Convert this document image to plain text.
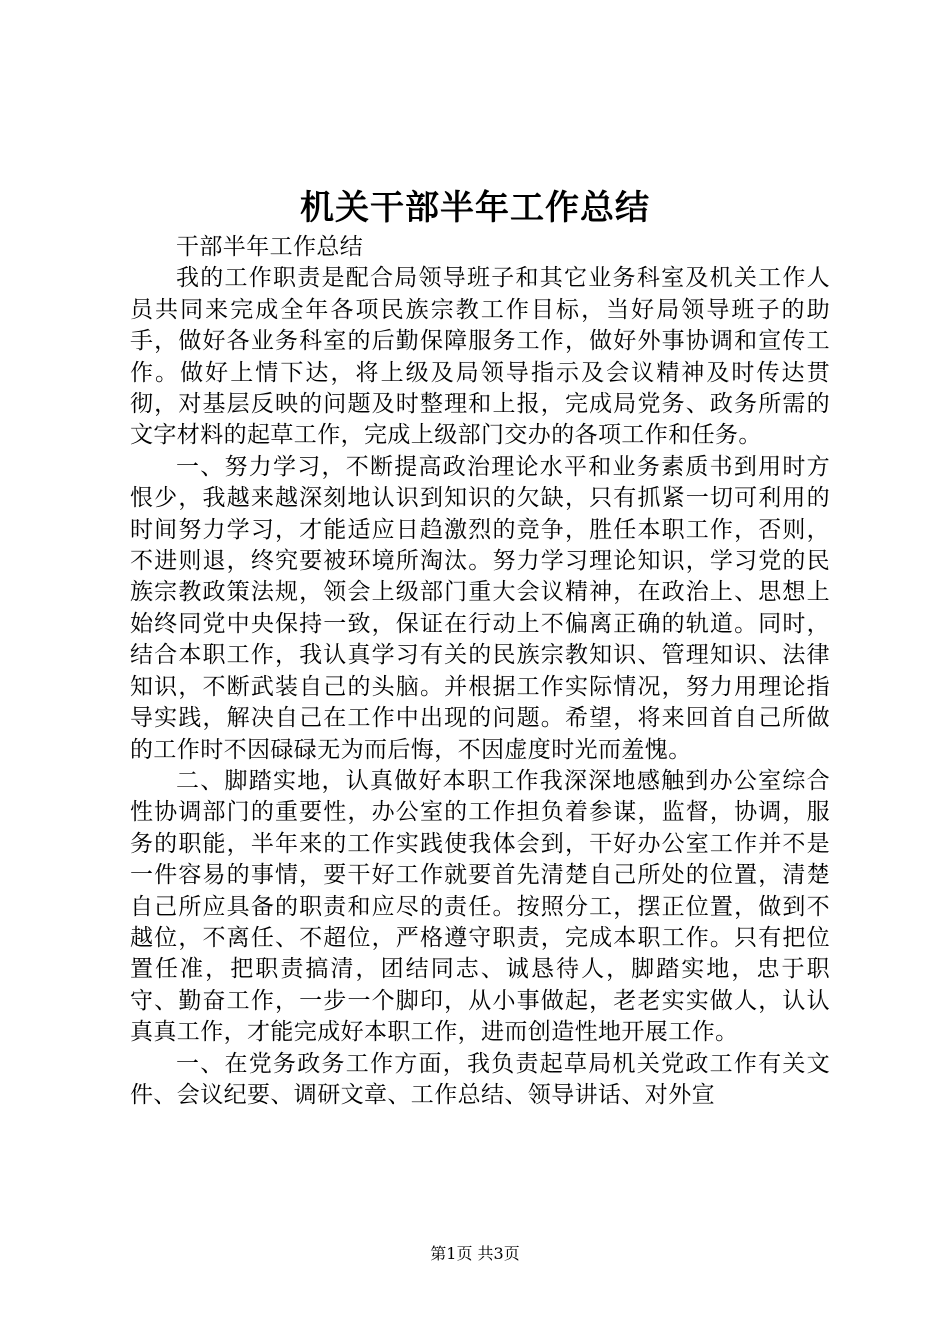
机关干部半年工作总结

干部半年工作总结

我的工作职责是配合局领导班子和其它业务科室及机关工作人员共同来完成全年各项民族宗教工作目标，当好局领导班子的助手，做好各业务科室的后勤保障服务工作，做好外事协调和宣传工作。做好上情下达，将上级及局领导指示及会议精神及时传达贯彻，对基层反映的问题及时整理和上报，完成局党务、政务所需的文字材料的起草工作，完成上级部门交办的各项工作和任务。

一、努力学习，不断提高政治理论水平和业务素质书到用时方恨少，我越来越深刻地认识到知识的欠缺，只有抓紧一切可利用的时间努力学习，才能适应日趋激烈的竞争，胜任本职工作，否则，不进则退，终究要被环境所淘汰。努力学习理论知识，学习党的民族宗教政策法规，领会上级部门重大会议精神，在政治上、思想上始终同党中央保持一致，保证在行动上不偏离正确的轨道。同时，结合本职工作，我认真学习有关的民族宗教知识、管理知识、法律知识，不断武装自己的头脑。并根据工作实际情况，努力用理论指导实践，解决自己在工作中出现的问题。希望，将来回首自己所做的工作时不因碌碌无为而后悔，不因虚度时光而羞愧。

二、脚踏实地，认真做好本职工作我深深地感触到办公室综合性协调部门的重要性，办公室的工作担负着参谋，监督，协调，服务的职能，半年来的工作实践使我体会到，干好办公室工作并不是一件容易的事情，要干好工作就要首先清楚自己所处的位置，清楚自己所应具备的职责和应尽的责任。按照分工，摆正位置，做到不越位，不离任、不超位，严格遵守职责，完成本职工作。只有把位置任准，把职责搞清，团结同志、诚恳待人，脚踏实地，忠于职守、勤奋工作，一步一个脚印，从小事做起，老老实实做人，认认真真工作，才能完成好本职工作，进而创造性地开展工作。

一、在党务政务工作方面，我负责起草局机关党政工作有关文件、会议纪要、调研文章、工作总结、领导讲话、对外宣

第1页 共3页
